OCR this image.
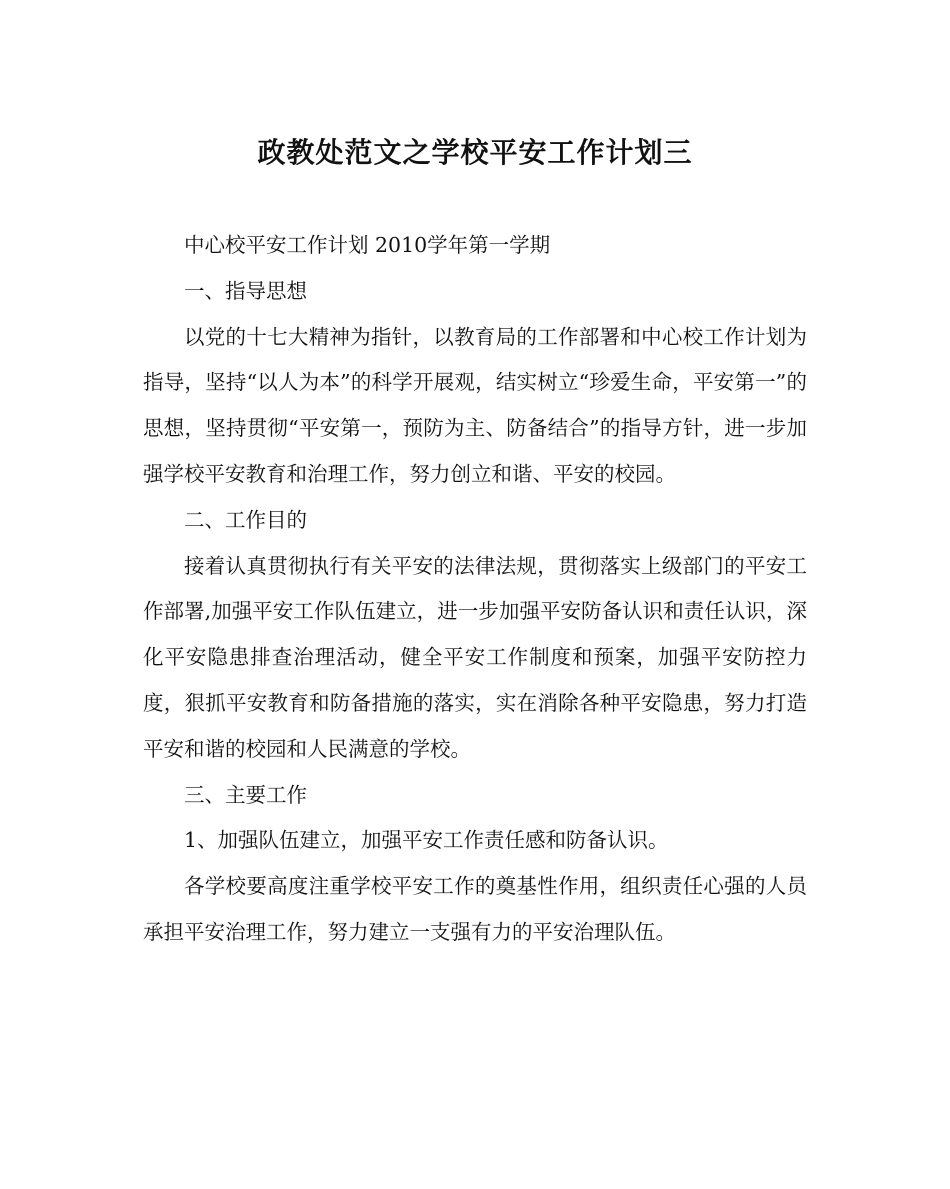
政教处范文之学校平安工作计划三

中心校平安工作计划 2010学年第一学期

一、指导思想

以党的十七大精神为指针，以教育局的工作部署和中心校工作计划为指导，坚持“以人为本”的科学开展观，结实树立“珍爱生命，平安第一”的思想，坚持贯彻“平安第一，预防为主、防备结合”的指导方针，进一步加强学校平安教育和治理工作，努力创立和谐、平安的校园。

二、工作目的

接着认真贯彻执行有关平安的法律法规，贯彻落实上级部门的平安工作部署,加强平安工作队伍建立，进一步加强平安防备认识和责任认识，深化平安隐患排查治理活动，健全平安工作制度和预案，加强平安防控力度，狠抓平安教育和防备措施的落实，实在消除各种平安隐患，努力打造平安和谐的校园和人民满意的学校。

三、主要工作

1、加强队伍建立，加强平安工作责任感和防备认识。

各学校要高度注重学校平安工作的奠基性作用，组织责任心强的人员承担平安治理工作，努力建立一支强有力的平安治理队伍。
